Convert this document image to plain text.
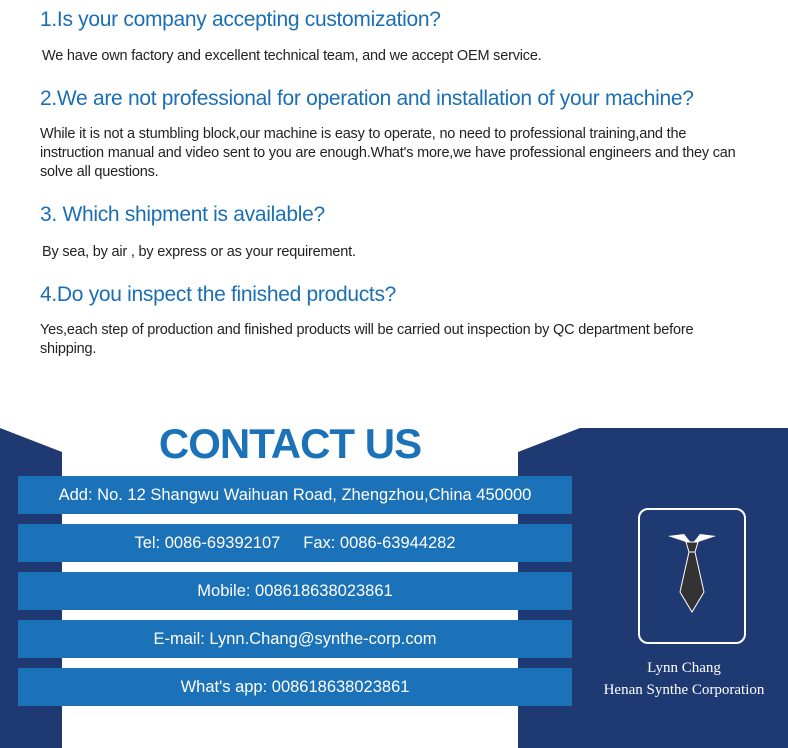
1.Is your company accepting customization?
We have own factory and excellent technical team, and we accept OEM service.
2.We are not professional for operation and installation of your machine?
While it is not a stumbling block,our machine is easy to operate, no need to professional training,and the instruction manual and video sent to you are enough.What's more,we have professional engineers and they can solve all questions.
3. Which shipment is available?
By sea, by air , by express or as your requirement.
4.Do you inspect the finished products?
Yes,each step of production and finished products will be carried out inspection by QC department before shipping.
CONTACT US
Add: No. 12 Shangwu Waihuan Road, Zhengzhou,China 450000
Tel: 0086-69392107     Fax: 0086-63944282
Mobile: 008618638023861
E-mail: Lynn.Chang@synthe-corp.com
What's app: 008618638023861
Lynn Chang
Henan Synthe Corporation
